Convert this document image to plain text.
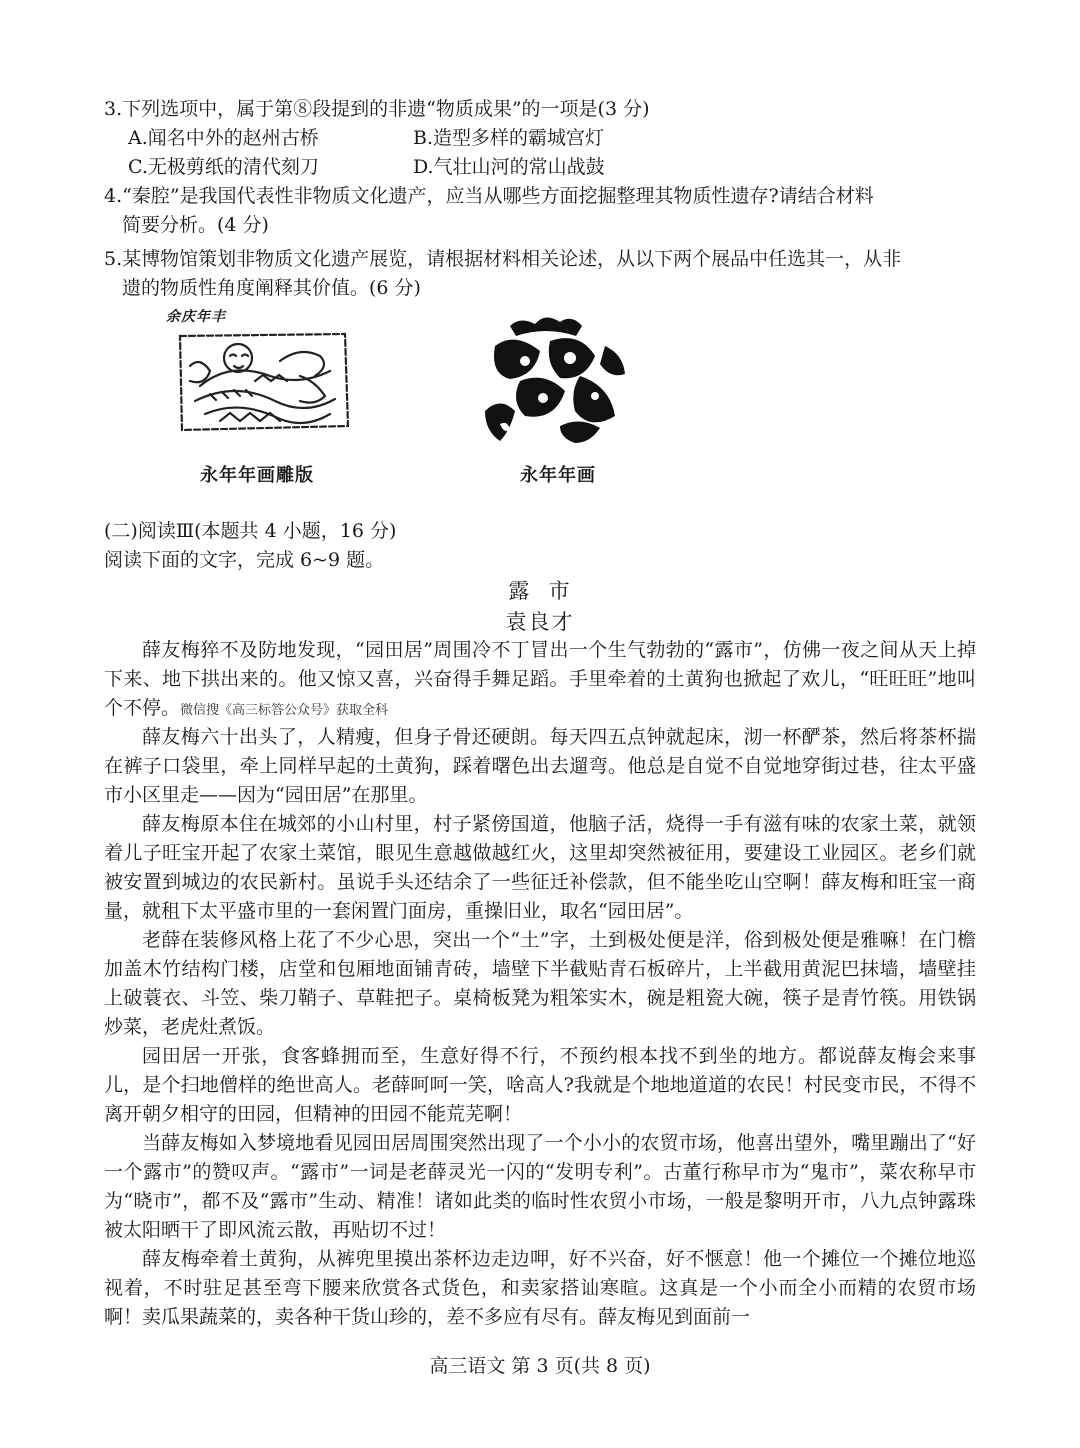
3.下列选项中，属于第⑧段提到的非遗“物质成果”的一项是(3 分)
A.闻名中外的赵州古桥	B.造型多样的霸城宫灯
C.无极剪纸的清代刻刀	D.气壮山河的常山战鼓
4.“秦腔”是我国代表性非物质文化遗产，应当从哪些方面挖掘整理其物质性遗存?请结合材料
简要分析。(4 分)
5.某博物馆策划非物质文化遗产展览，请根据材料相关论述，从以下两个展品中任选其一，从非
遗的物质性角度阐释其价值。(6 分)
余庆年丰
永年年画雕版	永年年画
(二)阅读Ⅲ(本题共 4 小题，16 分)
阅读下面的文字，完成 6~9 题。
露  市
袁良才
薛友梅猝不及防地发现，“园田居”周围冷不丁冒出一个生气勃勃的“露市”，仿佛一夜之间从天上掉下来、地下拱出来的。他又惊又喜，兴奋得手舞足蹈。手里牵着的土黄狗也掀起了欢儿，“旺旺旺”地叫个不停。微信搜《高三标答公众号》获取全科
薛友梅六十出头了，人精瘦，但身子骨还硬朗。每天四五点钟就起床，沏一杯酽茶，然后将茶杯揣在裤子口袋里，牵上同样早起的土黄狗，踩着曙色出去遛弯。他总是自觉不自觉地穿街过巷，往太平盛市小区里走——因为“园田居”在那里。
薛友梅原本住在城郊的小山村里，村子紧傍国道，他脑子活，烧得一手有滋有味的农家土菜，就领着儿子旺宝开起了农家土菜馆，眼见生意越做越红火，这里却突然被征用，要建设工业园区。老乡们就被安置到城边的农民新村。虽说手头还结余了一些征迁补偿款，但不能坐吃山空啊！薛友梅和旺宝一商量，就租下太平盛市里的一套闲置门面房，重操旧业，取名“园田居”。
老薛在装修风格上花了不少心思，突出一个“土”字，土到极处便是洋，俗到极处便是雅嘛！在门檐加盖木竹结构门楼，店堂和包厢地面铺青砖，墙壁下半截贴青石板碎片，上半截用黄泥巴抹墙，墙壁挂上破蓑衣、斗笠、柴刀鞘子、草鞋把子。桌椅板凳为粗笨实木，碗是粗瓷大碗，筷子是青竹筷。用铁锅炒菜，老虎灶煮饭。
园田居一开张，食客蜂拥而至，生意好得不行，不预约根本找不到坐的地方。都说薛友梅会来事儿，是个扫地僧样的绝世高人。老薛呵呵一笑，啥高人?我就是个地地道道的农民！村民变市民，不得不离开朝夕相守的田园，但精神的田园不能荒芜啊！
当薛友梅如入梦境地看见园田居周围突然出现了一个小小的农贸市场，他喜出望外，嘴里蹦出了“好一个露市”的赞叹声。“露市”一词是老薛灵光一闪的“发明专利”。古董行称早市为“鬼市”，菜农称早市为“晓市”，都不及“露市”生动、精准！诸如此类的临时性农贸小市场，一般是黎明开市，八九点钟露珠被太阳晒干了即风流云散，再贴切不过！
薛友梅牵着土黄狗，从裤兜里摸出茶杯边走边呷，好不兴奋，好不惬意！他一个摊位一个摊位地巡视着，不时驻足甚至弯下腰来欣赏各式货色，和卖家搭讪寒暄。这真是一个小而全小而精的农贸市场啊！卖瓜果蔬菜的，卖各种干货山珍的，差不多应有尽有。薛友梅见到面前一
高三语文 第 3 页(共 8 页)
